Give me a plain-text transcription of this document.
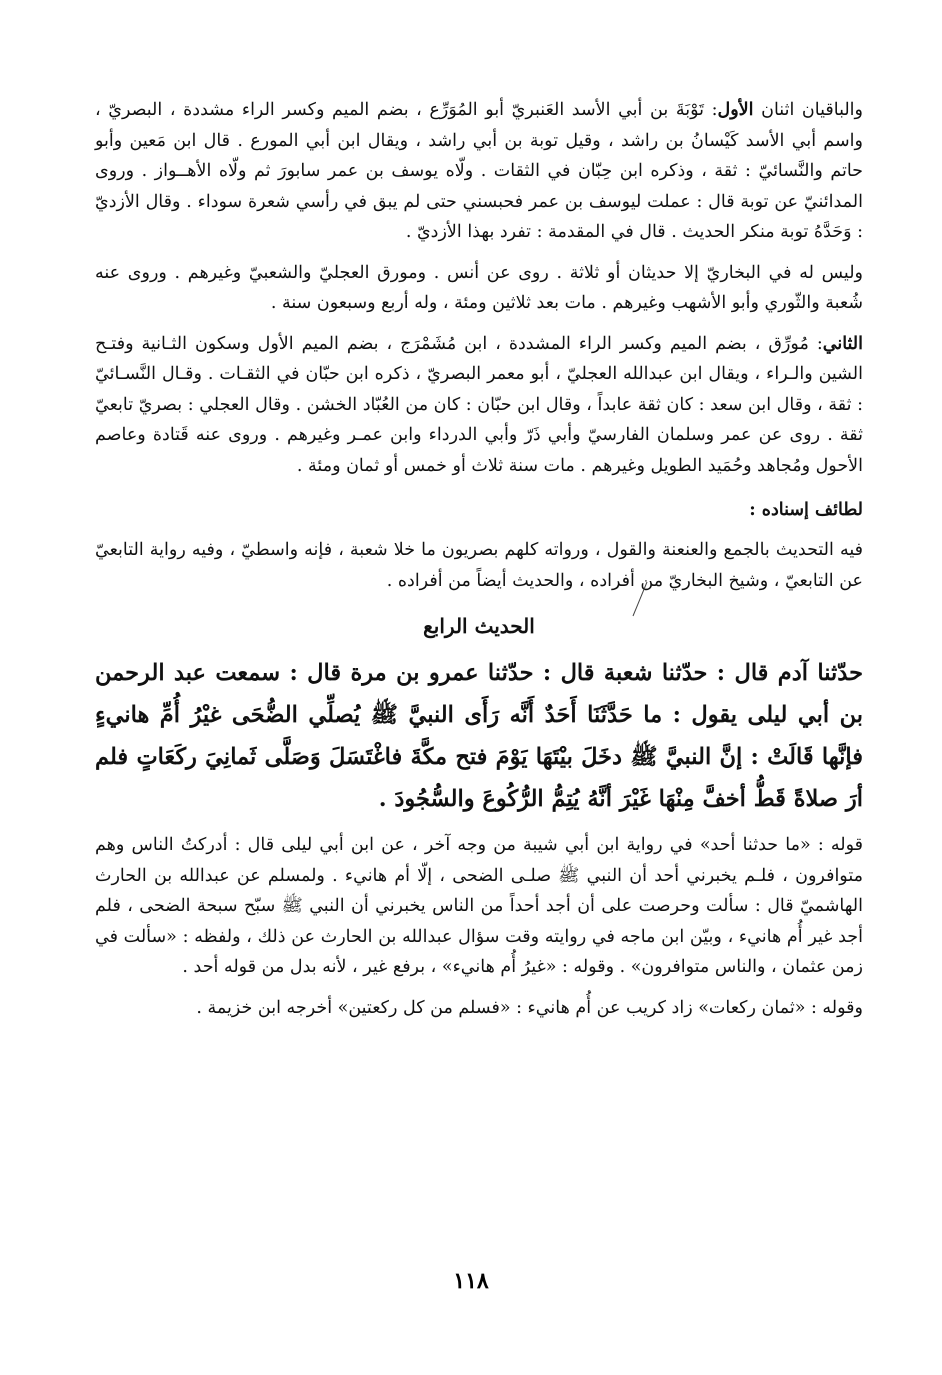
والباقيان اثنان الأول: تَوْبَةَ بن أبي الأسد العَنبريّ أبو المُوَرِّع ، بضم الميم وكسر الراء مشددة ، البصريّ ، واسم أبي الأسد كَيْسانُ بن راشد ، وقيل توبة بن أبي راشد ، ويقال ابن أبي المورع . قال ابن مَعين وأبو حاتم والنَّسائيّ : ثقة ، وذكره ابن حِبّان في الثقات . ولّاه يوسف بن عمر سابورَ ثم ولّاه الأهــواز . وروى المدائنيّ عن توبة قال : عملت ليوسف بن عمر فحبسني حتى لم يبق في رأسي شعرة سوداء . وقال الأزديّ : وَحَدَّهُ توبة منكر الحديث . قال في المقدمة : تفرد بهذا الأزديّ .

وليس له في البخاريّ إلا حديثان أو ثلاثة . روى عن أنس . ومورق العجليّ والشعبيّ وغيرهم . وروى عنه شُعبة والثّوري وأبو الأشهب وغيرهم . مات بعد ثلاثين ومئة ، وله أربع وسبعون سنة .

الثاني: مُورِّق ، بضم الميم وكسر الراء المشددة ، ابن مُشَمْرَج ، بضم الميم الأول وسكون الثـانية وفتـح الشين والـراء ، ويقال ابن عبدالله العجليّ ، أبو معمر البصريّ ، ذكره ابن حبّان في الثقـات . وقـال النَّسـائيّ : ثقة ، وقال ابن سعد : كان ثقة عابداً ، وقال ابن حبّان : كان من العُبّاد الخشن . وقال العجلي : بصريّ تابعيّ ثقة . روى عن عمر وسلمان الفارسيّ وأبي ذَرّ وأبي الدرداء وابن عمـر وغيرهم . وروى عنه قَتادة وعاصم الأحول ومُجاهد وحُمَيد الطويل وغيرهم . مات سنة ثلاث أو خمس أو ثمان ومئة .

لطائف إسناده :

فيه التحديث بالجمع والعنعنة والقول ، ورواته كلهم بصريون ما خلا شعبة ، فإنه واسطيّ ، وفيه رواية التابعيّ عن التابعيّ ، وشيخ البخاريّ من أفراده ، والحديث أيضاً من أفراده .

الحديث الرابع

حدّثنا آدم قال : حدّثنا شعبة قال : حدّثنا عمرو بن مرة قال : سمعت عبد الرحمن بن أبي ليلى يقول : ما حَدَّثَنَا أَحَدٌ أَنَّه رَأَى النبيَّ ﷺ يُصلِّي الضُّحَى غيْرُ أُمِّ هانيءٍ فإنَّها قَالَتْ : إنَّ النبيَّ ﷺ دخَلَ بيْتَهَا يَوْمَ فتح مكَّةَ فاغْتَسَلَ وَصَلَّى ثَمانِيَ ركَعَاتٍ فلم أرَ صلاةً قَطُّ أخفَّ مِنْهَا غَيْرَ أنَّهُ يُتِمُّ الرُّكُوعَ والسُّجُودَ .

قوله : «ما حدثنا أحد» في رواية ابن أبي شيبة من وجه آخر ، عن ابن أبي ليلى قال : أدركتُ الناس وهم متوافرون ، فلـم يخبرني أحد أن النبي ﷺ صلـى الضحى ، إلّا أم هانيء . ولمسلم عن عبدالله بن الحارث الهاشميّ قال : سألت وحرصت على أن أجد أحداً من الناس يخبرني أن النبي ﷺ سبّح سبحة الضحى ، فلم أجد غير أُم هانيء ، وبيّن ابن ماجه في روايته وقت سؤال عبدالله بن الحارث عن ذلك ، ولفظه : «سألت في زمن عثمان ، والناس متوافرون» . وقوله : «غيرُ أُم هانيء» ، برفع غير ، لأنه بدل من قوله أحد .

وقوله : «ثمان ركعات» زاد كريب عن أُم هانيء : «فسلم من كل ركعتين» أخرجه ابن خزيمة .

١١٨
